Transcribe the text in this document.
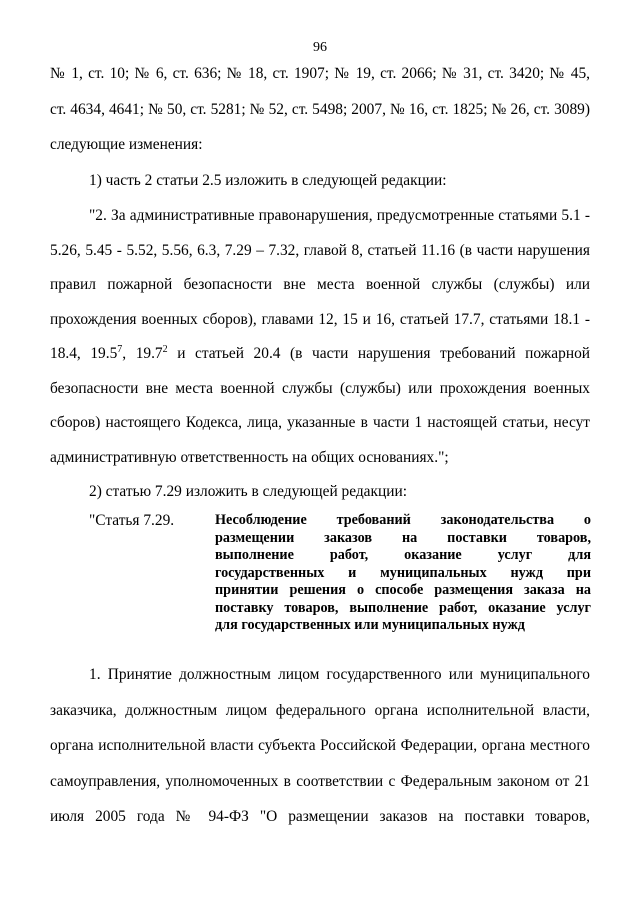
96
№ 1, ст. 10; № 6, ст. 636; № 18, ст. 1907; № 19, ст. 2066; № 31, ст. 3420; № 45,
ст. 4634, 4641; № 50, ст. 5281; № 52, ст. 5498; 2007, № 16, ст. 1825; № 26, ст. 3089)
следующие изменения:
1) часть 2 статьи 2.5 изложить в следующей редакции:
"2. За административные правонарушения, предусмотренные статьями 5.1 -
5.26, 5.45 - 5.52, 5.56, 6.3, 7.29 – 7.32, главой 8, статьей 11.16 (в части нарушения
правил пожарной безопасности вне места военной службы (службы) или
прохождения военных сборов), главами 12, 15 и 16, статьей 17.7, статьями 18.1 -
18.4, 19.5$^7$, 19.7$^2$ и статьей 20.4 (в части нарушения требований пожарной
безопасности вне места военной службы (службы) или прохождения военных
сборов) настоящего Кодекса, лица, указанные в части 1 настоящей статьи, несут
административную ответственность на общих основаниях.";
2) статью 7.29 изложить в следующей редакции:
"Статья 7.29.	Несоблюдение требований законодательства о
размещении заказов на поставки товаров,
выполнение работ, оказание услуг для
государственных и муниципальных нужд при
принятии решения о способе размещения заказа на
поставку товаров, выполнение работ, оказание услуг
для государственных или муниципальных нужд
1. Принятие должностным лицом государственного или муниципального
заказчика, должностным лицом федерального органа исполнительной власти,
органа исполнительной власти субъекта Российской Федерации, органа местного
самоуправления, уполномоченных в соответствии с Федеральным законом от 21
июля 2005 года № 94-ФЗ "О размещении заказов на поставки товаров,
